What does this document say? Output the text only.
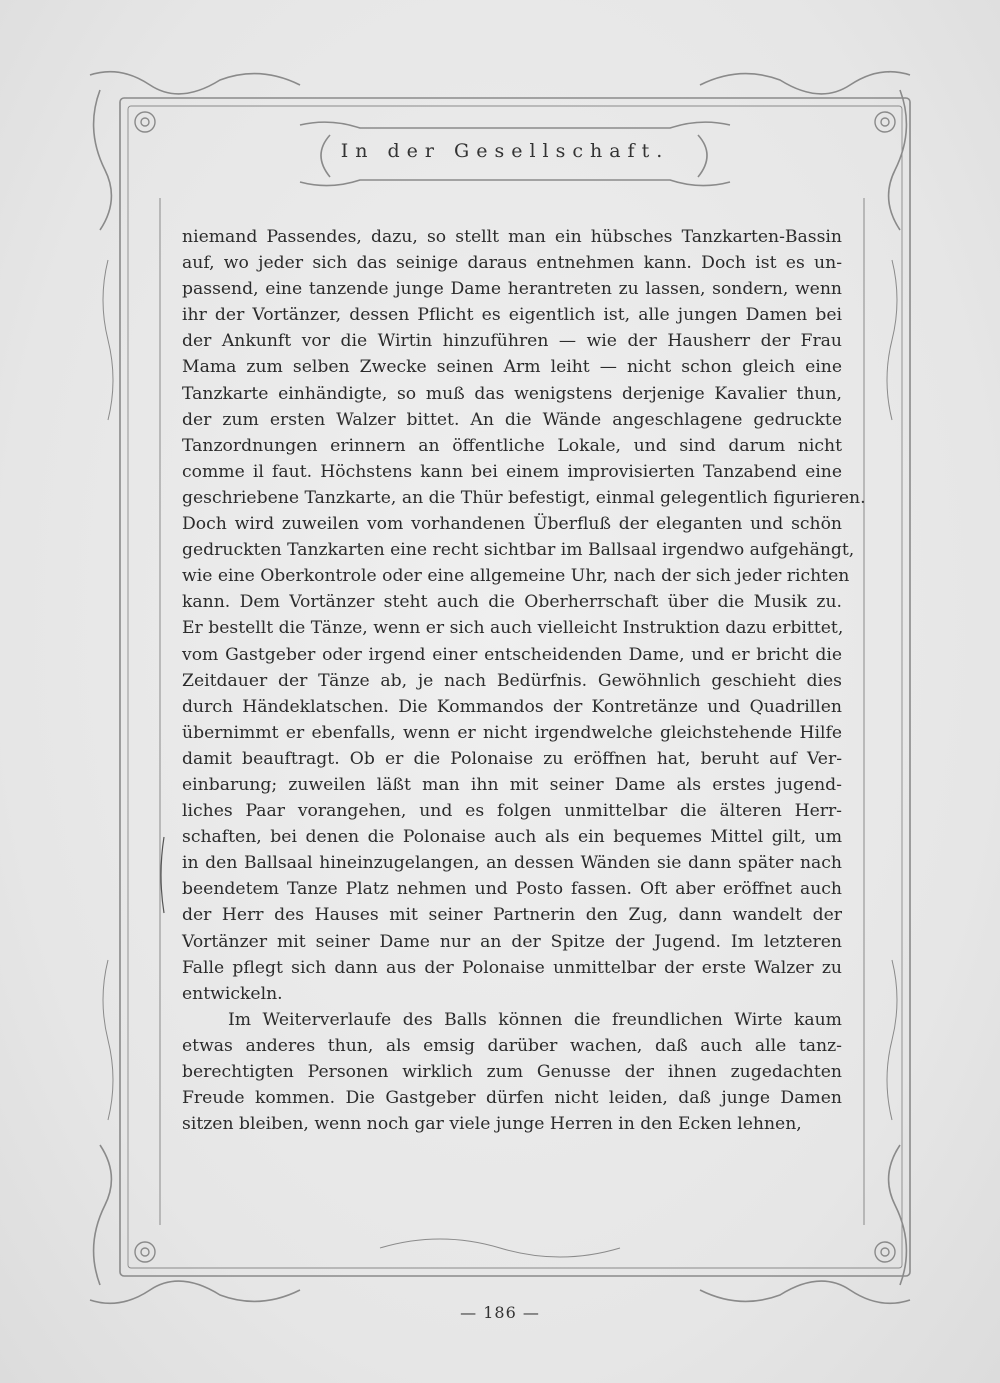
In der Gesellschaft.
niemand Passendes, dazu, so stellt man ein hübsches Tanzkarten-Bassin
auf, wo jeder sich das seinige daraus entnehmen kann. Doch ist es un-
passend, eine tanzende junge Dame herantreten zu lassen, sondern, wenn
ihr der Vortänzer, dessen Pflicht es eigentlich ist, alle jungen Damen bei
der Ankunft vor die Wirtin hinzuführen — wie der Hausherr der Frau
Mama zum selben Zwecke seinen Arm leiht — nicht schon gleich eine
Tanzkarte einhändigte, so muß das wenigstens derjenige Kavalier thun,
der zum ersten Walzer bittet. An die Wände angeschlagene gedruckte
Tanzordnungen erinnern an öffentliche Lokale, und sind darum nicht
comme il faut. Höchstens kann bei einem improvisierten Tanzabend eine
geschriebene Tanzkarte, an die Thür befestigt, einmal gelegentlich figurieren.
Doch wird zuweilen vom vorhandenen Überfluß der eleganten und schön
gedruckten Tanzkarten eine recht sichtbar im Ballsaal irgendwo aufgehängt,
wie eine Oberkontrole oder eine allgemeine Uhr, nach der sich jeder richten
kann. Dem Vortänzer steht auch die Oberherrschaft über die Musik zu.
Er bestellt die Tänze, wenn er sich auch vielleicht Instruktion dazu erbittet,
vom Gastgeber oder irgend einer entscheidenden Dame, und er bricht die
Zeitdauer der Tänze ab, je nach Bedürfnis. Gewöhnlich geschieht dies
durch Händeklatschen. Die Kommandos der Kontretänze und Quadrillen
übernimmt er ebenfalls, wenn er nicht irgendwelche gleichstehende Hilfe
damit beauftragt. Ob er die Polonaise zu eröffnen hat, beruht auf Ver-
einbarung; zuweilen läßt man ihn mit seiner Dame als erstes jugend-
liches Paar vorangehen, und es folgen unmittelbar die älteren Herr-
schaften, bei denen die Polonaise auch als ein bequemes Mittel gilt, um
in den Ballsaal hineinzugelangen, an dessen Wänden sie dann später nach
beendetem Tanze Platz nehmen und Posto fassen. Oft aber eröffnet auch
der Herr des Hauses mit seiner Partnerin den Zug, dann wandelt der
Vortänzer mit seiner Dame nur an der Spitze der Jugend. Im letzteren
Falle pflegt sich dann aus der Polonaise unmittelbar der erste Walzer zu
entwickeln.
Im Weiterverlaufe des Balls können die freundlichen Wirte kaum
etwas anderes thun, als emsig darüber wachen, daß auch alle tanz-
berechtigten Personen wirklich zum Genusse der ihnen zugedachten
Freude kommen. Die Gastgeber dürfen nicht leiden, daß junge Damen
sitzen bleiben, wenn noch gar viele junge Herren in den Ecken lehnen,
— 186 —
